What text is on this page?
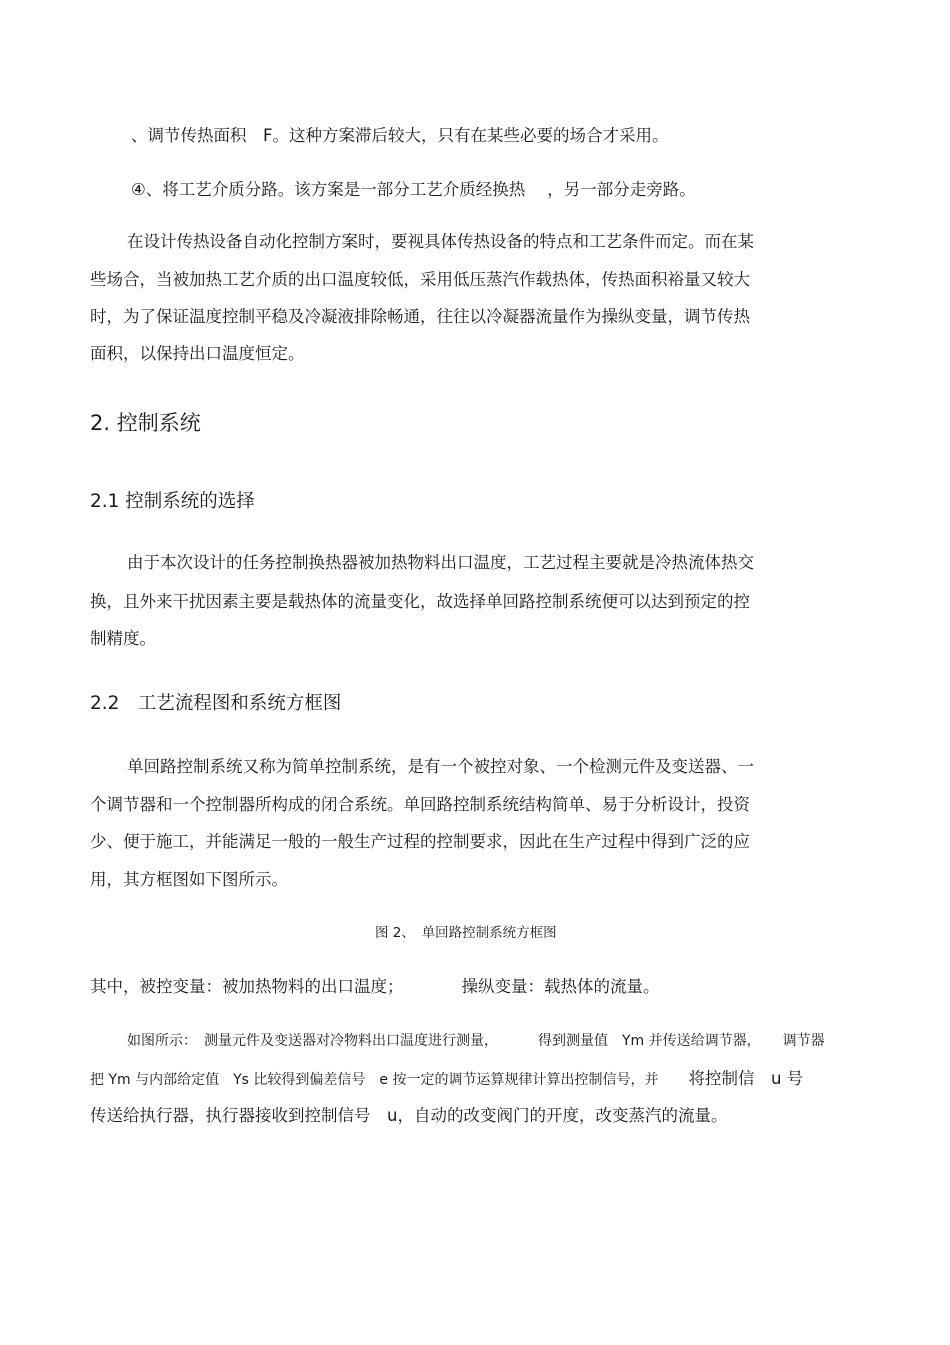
、调节传热面积　F。这种方案滞后较大，只有在某些必要的场合才采用。
④、将工艺介质分路。该方案是一部分工艺介质经换热 ，另一部分走旁路。
在设计传热设备自动化控制方案时，要视具体传热设备的特点和工艺条件而定。而在某
些场合，当被加热工艺介质的出口温度较低，采用低压蒸汽作载热体，传热面积裕量又较大
时，为了保证温度控制平稳及冷凝液排除畅通，往往以冷凝器流量作为操纵变量，调节传热
面积，以保持出口温度恒定。
2. 控制系统
2.1 控制系统的选择
由于本次设计的任务控制换热器被加热物料出口温度，工艺过程主要就是冷热流体热交
换，且外来干扰因素主要是载热体的流量变化，故选择单回路控制系统便可以达到预定的控
制精度。
2.2　工艺流程图和系统方框图
单回路控制系统又称为简单控制系统，是有一个被控对象、一个检测元件及变送器、一
个调节器和一个控制器所构成的闭合系统。单回路控制系统结构简单、易于分析设计，投资
少、便于施工，并能满足一般的一般生产过程的控制要求，因此在生产过程中得到广泛的应
用，其方框图如下图所示。
图 2、　单回路控制系统方框图
其中，被控变量：被加热物料的出口温度；	操纵变量：载热体的流量。
如图所示：　测量元件及变送器对冷物料出口温度进行测量，	得到测量值　Ym 并传送给调节器， 调节器
把 Ym 与内部给定值　Ys 比较得到偏差信号　e 按一定的调节运算规律计算出控制信号，并 将控制信　u 号
传送给执行器，执行器接收到控制信号　u，自动的改变阀门的开度，改变蒸汽的流量。
